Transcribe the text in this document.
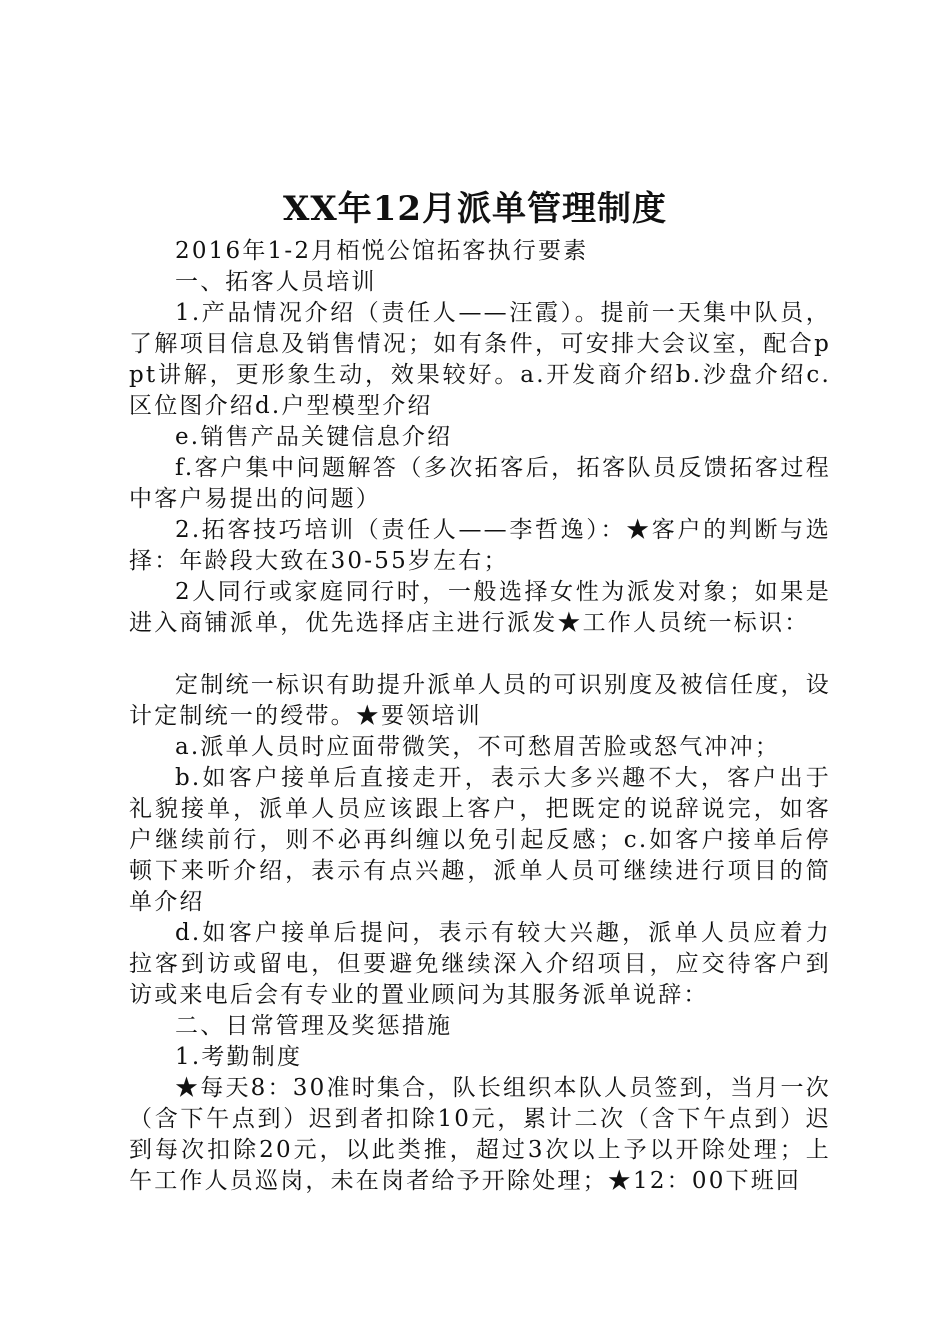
XX年12月派单管理制度

2016年1-2月栢悦公馆拓客执行要素

一、拓客人员培训

1.产品情况介绍（责任人——汪霞）。提前一天集中队员，了解项目信息及销售情况；如有条件，可安排大会议室，配合ppt讲解，更形象生动，效果较好。a.开发商介绍b.沙盘介绍c.区位图介绍d.户型模型介绍

e.销售产品关键信息介绍

f.客户集中问题解答（多次拓客后，拓客队员反馈拓客过程中客户易提出的问题）

2.拓客技巧培训（责任人——李哲逸）：★客户的判断与选择：年龄段大致在30-55岁左右；

2人同行或家庭同行时，一般选择女性为派发对象；如果是进入商铺派单，优先选择店主进行派发★工作人员统一标识：

定制统一标识有助提升派单人员的可识别度及被信任度，设计定制统一的绶带。★要领培训

a.派单人员时应面带微笑，不可愁眉苦脸或怒气冲冲；

b.如客户接单后直接走开，表示大多兴趣不大，客户出于礼貌接单，派单人员应该跟上客户，把既定的说辞说完，如客户继续前行，则不必再纠缠以免引起反感；c.如客户接单后停顿下来听介绍，表示有点兴趣，派单人员可继续进行项目的简单介绍

d.如客户接单后提问，表示有较大兴趣，派单人员应着力拉客到访或留电，但要避免继续深入介绍项目，应交待客户到访或来电后会有专业的置业顾问为其服务派单说辞：

二、日常管理及奖惩措施

1.考勤制度

★每天8：30准时集合，队长组织本队人员签到，当月一次（含下午点到）迟到者扣除10元，累计二次（含下午点到）迟到每次扣除20元，以此类推，超过3次以上予以开除处理；上午工作人员巡岗，未在岗者给予开除处理；★12：00下班回
